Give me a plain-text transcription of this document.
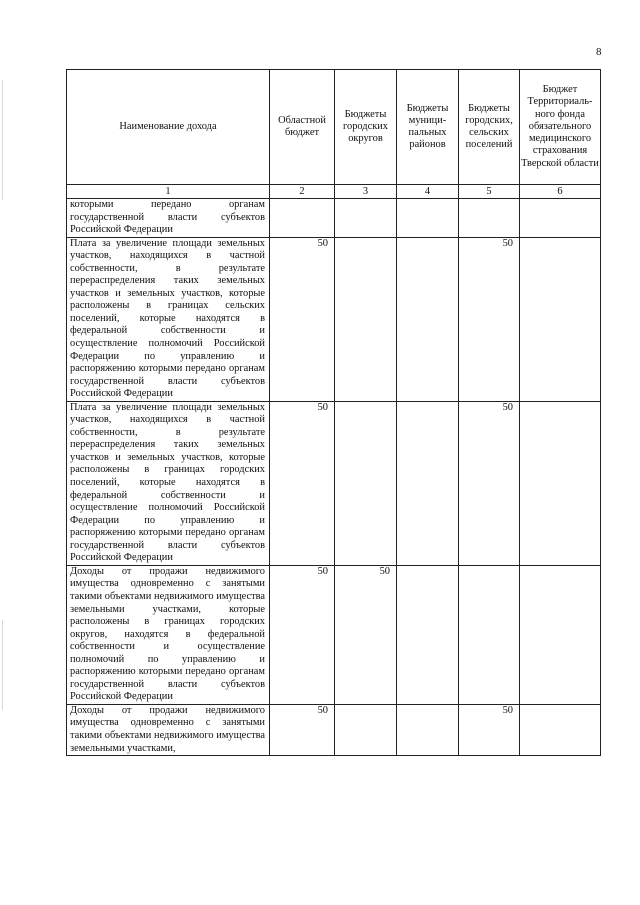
8
Наименование дохода	Областной бюджет	Бюджеты городских округов	Бюджеты муници-пальных районов	Бюджеты городских, сельских поселений	Бюджет Территориаль-ного фонда обязательного медицинского страхования Тверской области
1	2	3	4	5	6
которыми передано органам государственной власти субъектов Российской Федерации					
Плата за увеличение площади земельных участков, находящихся в частной собственности, в результате перераспределения таких земельных участков и земельных участков, которые расположены в границах сельских поселений, которые находятся в федеральной собственности и осуществление полномочий Российской Федерации по управлению и распоряжению которыми передано органам государственной власти субъектов Российской Федерации	50			50	
Плата за увеличение площади земельных участков, находящихся в частной собственности, в результате перераспределения таких земельных участков и земельных участков, которые расположены в границах городских поселений, которые находятся в федеральной собственности и осуществление полномочий Российской Федерации по управлению и распоряжению которыми передано органам государственной власти субъектов Российской Федерации	50			50	
Доходы от продажи недвижимого имущества одновременно с занятыми такими объектами недвижимого имущества земельными участками, которые расположены в границах городских округов, находятся в федеральной собственности и осуществление полномочий по управлению и распоряжению которыми передано органам государственной власти субъектов Российской Федерации	50	50			
Доходы от продажи недвижимого имущества одновременно с занятыми такими объектами недвижимого имущества земельными участками,	50			50	
